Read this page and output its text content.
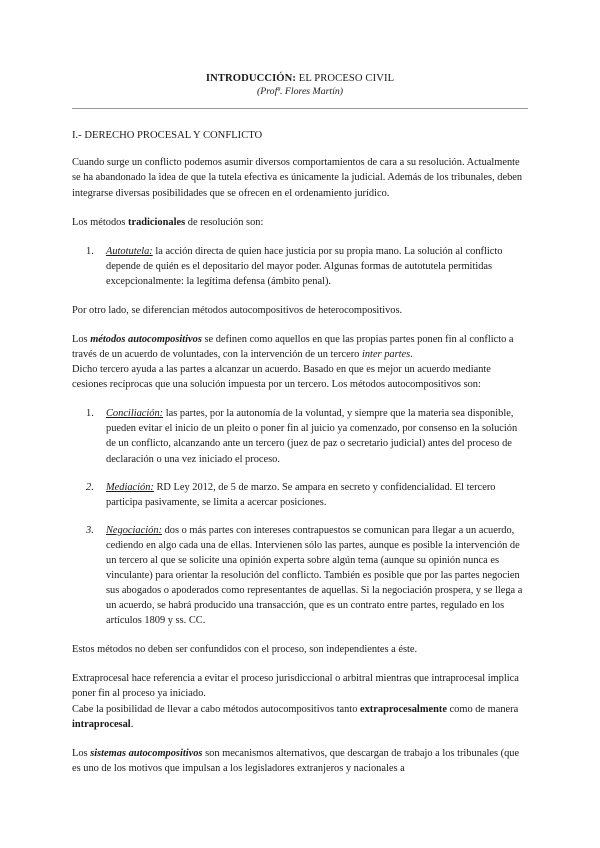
INTRODUCCIÓN: EL PROCESO CIVIL
(Profª. Flores Martín)
I.- DERECHO PROCESAL Y CONFLICTO

Cuando surge un conflicto podemos asumir diversos comportamientos de cara a su resolución. Actualmente se ha abandonado la idea de que la tutela efectiva es únicamente la judicial. Además de los tribunales, deben integrarse diversas posibilidades que se ofrecen en el ordenamiento jurídico.

Los métodos tradicionales de resolución son:

1. Autotutela: la acción directa de quien hace justicia por su propia mano. La solución al conflicto depende de quién es el depositario del mayor poder. Algunas formas de autotutela permitidas excepcionalmente: la legítima defensa (ámbito penal).

Por otro lado, se diferencian métodos autocompositivos de heterocompositivos.

Los métodos autocompositivos se definen como aquellos en que las propias partes ponen fin al conflicto a través de un acuerdo de voluntades, con la intervención de un tercero inter partes.
Dicho tercero ayuda a las partes a alcanzar un acuerdo. Basado en que es mejor un acuerdo mediante cesiones recíprocas que una solución impuesta por un tercero. Los métodos autocompositivos son:

1. Conciliación: las partes, por la autonomía de la voluntad, y siempre que la materia sea disponible, pueden evitar el inicio de un pleito o poner fin al juicio ya comenzado, por consenso en la solución de un conflicto, alcanzando ante un tercero (juez de paz o secretario judicial) antes del proceso de declaración o una vez iniciado el proceso.
2. Mediación: RD Ley 2012, de 5 de marzo. Se ampara en secreto y confidencialidad. El tercero participa pasivamente, se limita a acercar posiciones.
3. Negociación: dos o más partes con intereses contrapuestos se comunican para llegar a un acuerdo, cediendo en algo cada una de ellas. Intervienen sólo las partes, aunque es posible la intervención de un tercero al que se solicite una opinión experta sobre algún tema (aunque su opinión nunca es vinculante) para orientar la resolución del conflicto. También es posible que por las partes negocien sus abogados o apoderados como representantes de aquellas. Si la negociación prospera, y se llega a un acuerdo, se habrá producido una transacción, que es un contrato entre partes, regulado en los artículos 1809 y ss. CC.

Estos métodos no deben ser confundidos con el proceso, son independientes a éste.

Extraprocesal hace referencia a evitar el proceso jurisdiccional o arbitral mientras que intraprocesal implica poner fin al proceso ya iniciado.
Cabe la posibilidad de llevar a cabo métodos autocompositivos tanto extraprocesalmente como de manera intraprocesal.

Los sistemas autocompositivos son mecanismos alternativos, que descargan de trabajo a los tribunales (que es uno de los motivos que impulsan a los legisladores extranjeros y nacionales a
